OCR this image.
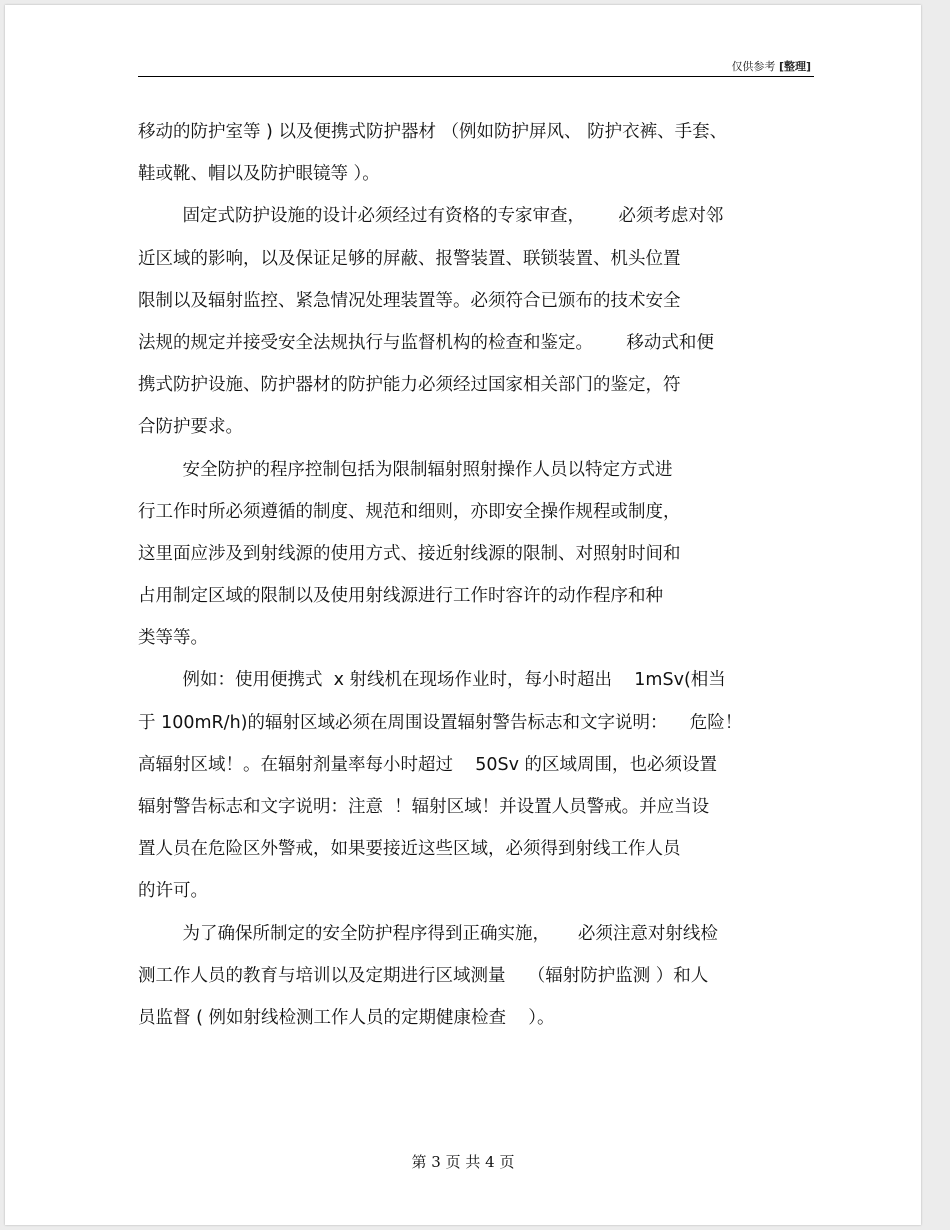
仅供参考 [整理]
移动的防护室等 ) 以及便携式防护器材 （例如防护屏风、 防护衣裤、手套、
鞋或靴、帽以及防护眼镜等 ）。
固定式防护设施的设计必须经过有资格的专家审查，      必须考虑对邻
近区域的影响，以及保证足够的屏蔽、报警装置、联锁装置、机头位置
限制以及辐射监控、紧急情况处理装置等。必须符合已颁布的技术安全
法规的规定并接受安全法规执行与监督机构的检查和鉴定。      移动式和便
携式防护设施、防护器材的防护能力必须经过国家相关部门的鉴定，符
合防护要求。
安全防护的程序控制包括为限制辐射照射操作人员以特定方式进
行工作时所必须遵循的制度、规范和细则，亦即安全操作规程或制度，
这里面应涉及到射线源的使用方式、接近射线源的限制、对照射时间和
占用制定区域的限制以及使用射线源进行工作时容许的动作程序和种
类等等。
例如：使用便携式  x 射线机在现场作业时，每小时超出    1mSv(相当
于 100mR/h)的辐射区域必须在周围设置辐射警告标志和文字说明：    危险！
高辐射区域！。在辐射剂量率每小时超过    50Sv 的区域周围，也必须设置
辐射警告标志和文字说明：注意  ！辐射区域！并设置人员警戒。并应当设
置人员在危险区外警戒，如果要接近这些区域，必须得到射线工作人员
的许可。
为了确保所制定的安全防护程序得到正确实施，     必须注意对射线检
测工作人员的教育与培训以及定期进行区域测量    （辐射防护监测 ）和人
员监督 ( 例如射线检测工作人员的定期健康检查    ）。
第 3 页 共 4 页
